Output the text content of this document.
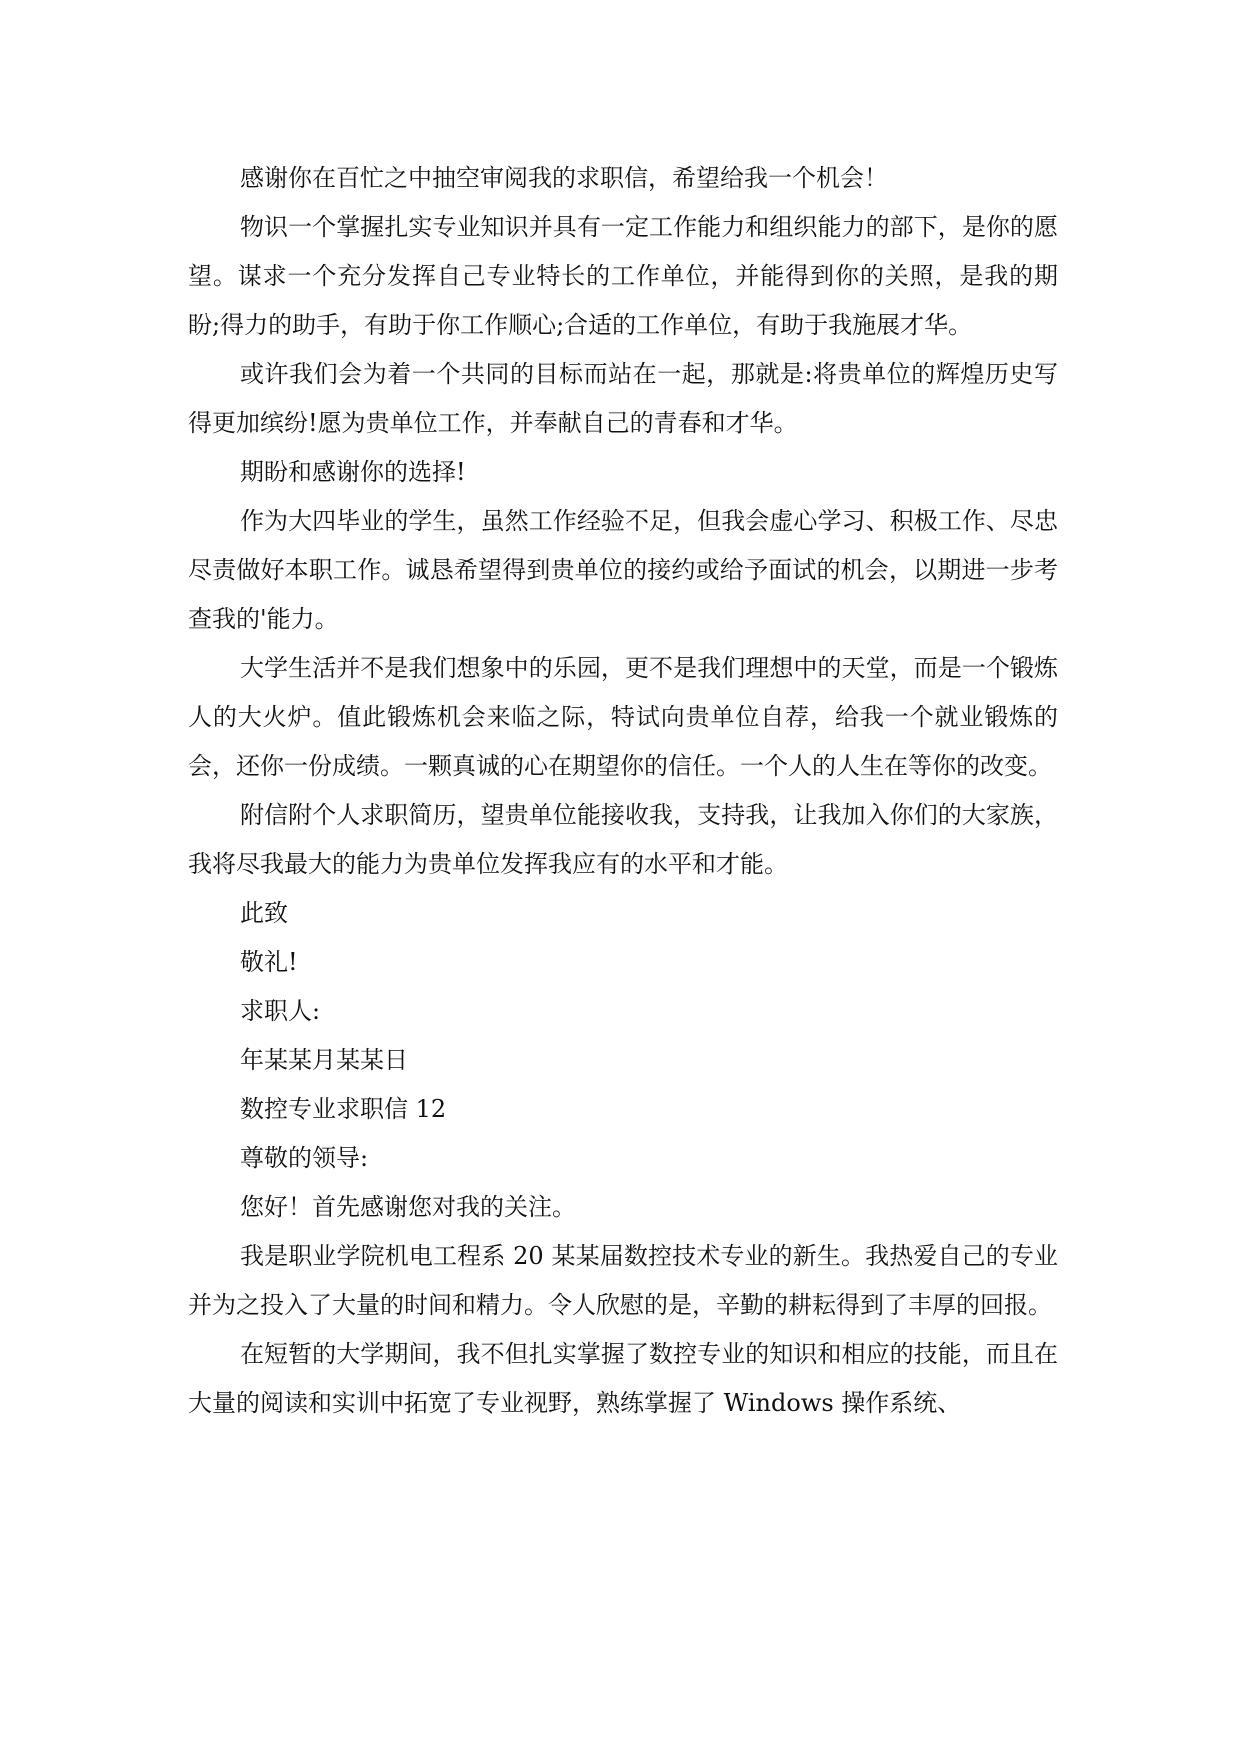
感谢你在百忙之中抽空审阅我的求职信，希望给我一个机会！

物识一个掌握扎实专业知识并具有一定工作能力和组织能力的部下，是你的愿望。谋求一个充分发挥自己专业特长的工作单位，并能得到你的关照，是我的期盼;得力的助手，有助于你工作顺心;合适的工作单位，有助于我施展才华。

或许我们会为着一个共同的目标而站在一起，那就是:将贵单位的辉煌历史写得更加缤纷!愿为贵单位工作，并奉献自己的青春和才华。

期盼和感谢你的选择!

作为大四毕业的学生，虽然工作经验不足，但我会虚心学习、积极工作、尽忠尽责做好本职工作。诚恳希望得到贵单位的接约或给予面试的机会，以期进一步考查我的'能力。

大学生活并不是我们想象中的乐园，更不是我们理想中的天堂，而是一个锻炼人的大火炉。值此锻炼机会来临之际，特试向贵单位自荐，给我一个就业锻炼的会，还你一份成绩。一颗真诚的心在期望你的信任。一个人的人生在等你的改变。

附信附个人求职简历，望贵单位能接收我，支持我，让我加入你们的大家族，我将尽我最大的能力为贵单位发挥我应有的水平和才能。

此致

敬礼!

求职人:

年某某月某某日

数控专业求职信 12

尊敬的领导:

您好！首先感谢您对我的关注。

我是职业学院机电工程系 20 某某届数控技术专业的新生。我热爱自己的专业并为之投入了大量的时间和精力。令人欣慰的是，辛勤的耕耘得到了丰厚的回报。

在短暂的大学期间，我不但扎实掌握了数控专业的知识和相应的技能，而且在大量的阅读和实训中拓宽了专业视野，熟练掌握了 Windows 操作系统、
